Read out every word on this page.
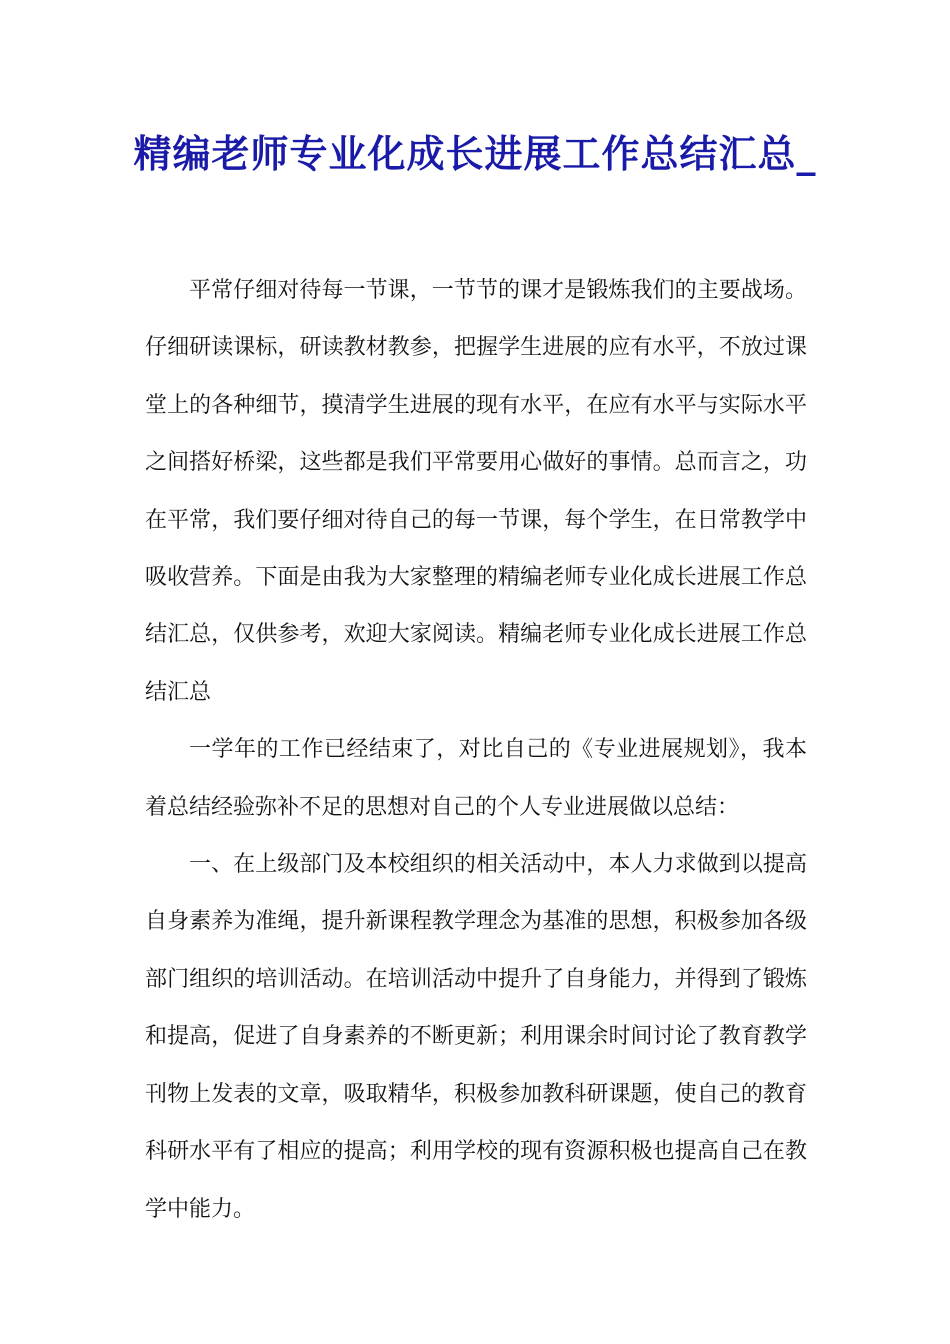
精编老师专业化成长进展工作总结汇总_

平常仔细对待每一节课，一节节的课才是锻炼我们的主要战场。仔细研读课标，研读教材教参，把握学生进展的应有水平，不放过课堂上的各种细节，摸清学生进展的现有水平，在应有水平与实际水平之间搭好桥梁，这些都是我们平常要用心做好的事情。总而言之，功在平常，我们要仔细对待自己的每一节课，每个学生，在日常教学中吸收营养。下面是由我为大家整理的精编老师专业化成长进展工作总结汇总，仅供参考，欢迎大家阅读。精编老师专业化成长进展工作总结汇总

一学年的工作已经结束了，对比自己的《专业进展规划》，我本着总结经验弥补不足的思想对自己的个人专业进展做以总结：

一、在上级部门及本校组织的相关活动中，本人力求做到以提高自身素养为准绳，提升新课程教学理念为基准的思想，积极参加各级部门组织的培训活动。在培训活动中提升了自身能力，并得到了锻炼和提高，促进了自身素养的不断更新；利用课余时间讨论了教育教学刊物上发表的文章，吸取精华，积极参加教科研课题，使自己的教育科研水平有了相应的提高；利用学校的现有资源积极也提高自己在教学中能力。
